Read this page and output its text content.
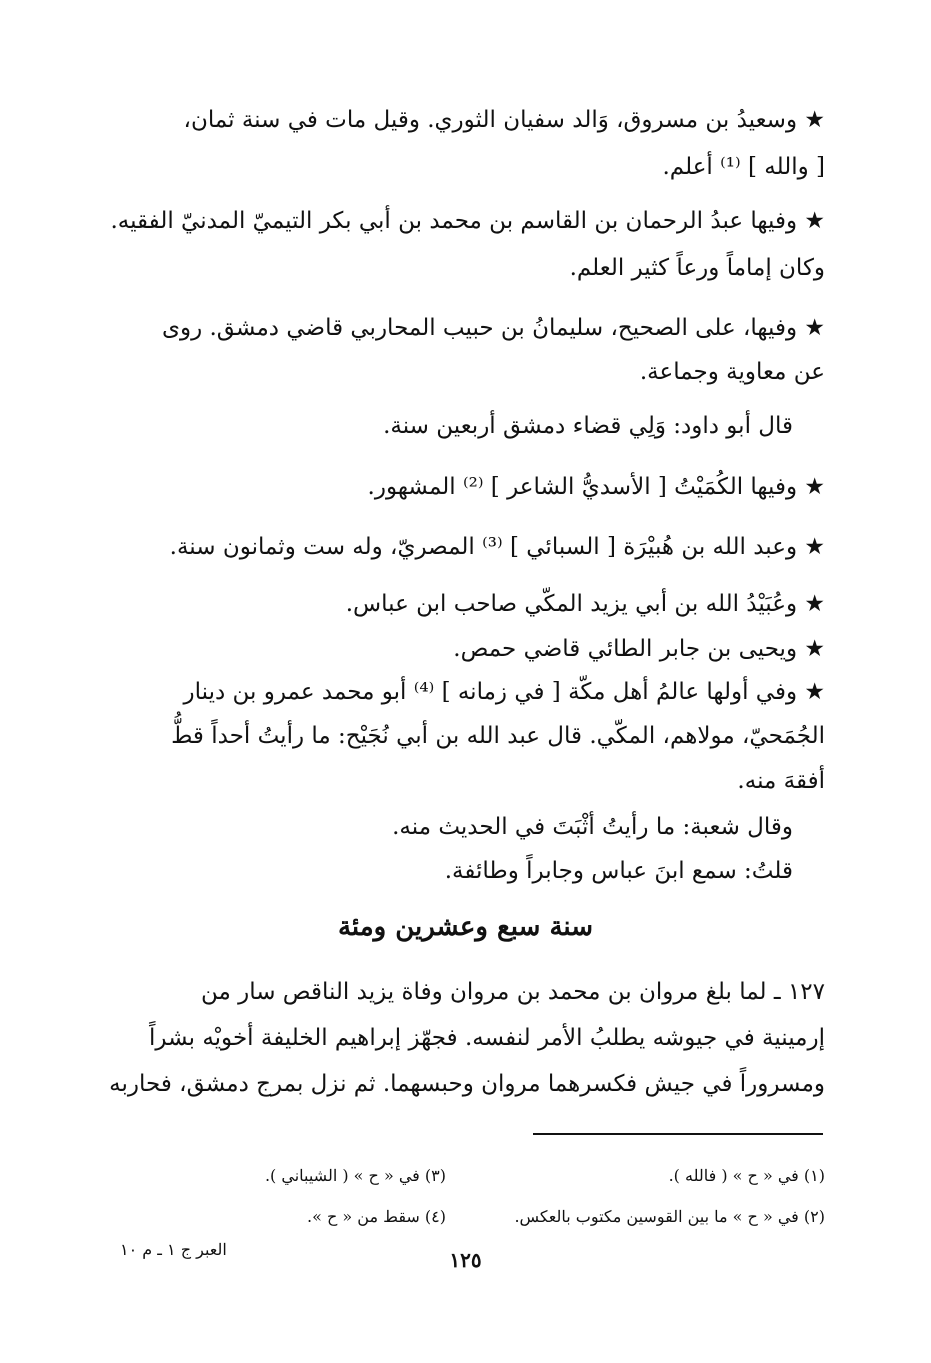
★ وسعيدُ بن مسروق، وَالد سفيان الثوري. وقيل مات في سنة ثمان،
[ والله ] ⁽¹⁾ أعلم.
★ وفيها عبدُ الرحمان بن القاسم بن محمد بن أبي بكر التيميّ المدنيّ الفقيه.
وكان إماماً ورعاً كثير العلم.
★ وفيها، على الصحيح، سليمانُ بن حبيب المحاربي قاضي دمشق. روى
عن معاوية وجماعة.
قال أبو داود: وَلِي قضاء دمشق أربعين سنة.
★ وفيها الكُمَيْتُ [ الأسديُّ الشاعر ] ⁽²⁾ المشهور.
★ وعبد الله بن هُبيْرَة [ السبائي ] ⁽³⁾ المصريّ، وله ست وثمانون سنة.
★ وعُبَيْدُ الله بن أبي يزيد المكّي صاحب ابن عباس.
★ ويحيى بن جابر الطائي قاضي حمص.
★ وفي أولها عالمُ أهل مكّة [ في زمانه ] ⁽⁴⁾ أبو محمد عمرو بن دينار
الجُمَحيّ، مولاهم، المكّي. قال عبد الله بن أبي نُجَيْح: ما رأيتُ أحداً قطُّ
أفقهَ منه.
وقال شعبة: ما رأيتُ أثْبَتَ في الحديث منه.
قلتُ: سمع ابنَ عباس وجابراً وطائفة.
سنة سبع وعشرين ومئة
١٢٧ ـ لما بلغ مروان بن محمد بن مروان وفاة يزيد الناقص سار من
إرمينية في جيوشه يطلبُ الأمر لنفسه. فجهّز إبراهيم الخليفة أخويْه بشراً
ومسروراً في جيش فكسرهما مروان وحبسهما. ثم نزل بمرج دمشق، فحاربه
(١) في « ح » ( فالله ).
(٢) في « ح » ما بين القوسين مكتوب بالعكس.
(٣) في « ح » ( الشيباني ).
(٤) سقط من « ح ».
العبر ج ١ ـ م ١٠	١٢٥
